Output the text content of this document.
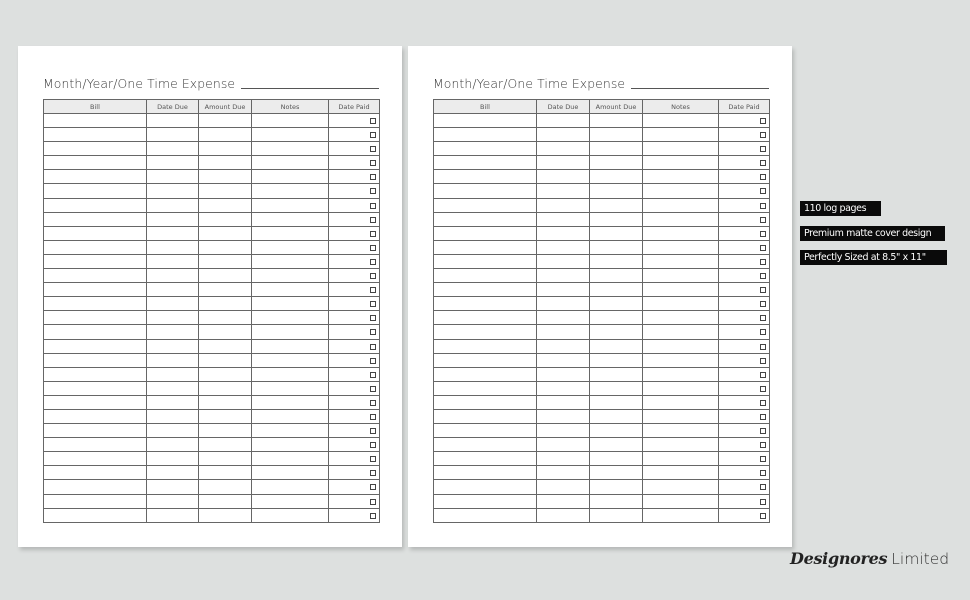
Month/Year/One Time Expense
Bill	Date Due	Amount Due	Notes	Date Paid

Month/Year/One Time Expense
Bill	Date Due	Amount Due	Notes	Date Paid

110 log pages
Premium matte cover design
Perfectly Sized at 8.5" x 11"
Designores Limited
